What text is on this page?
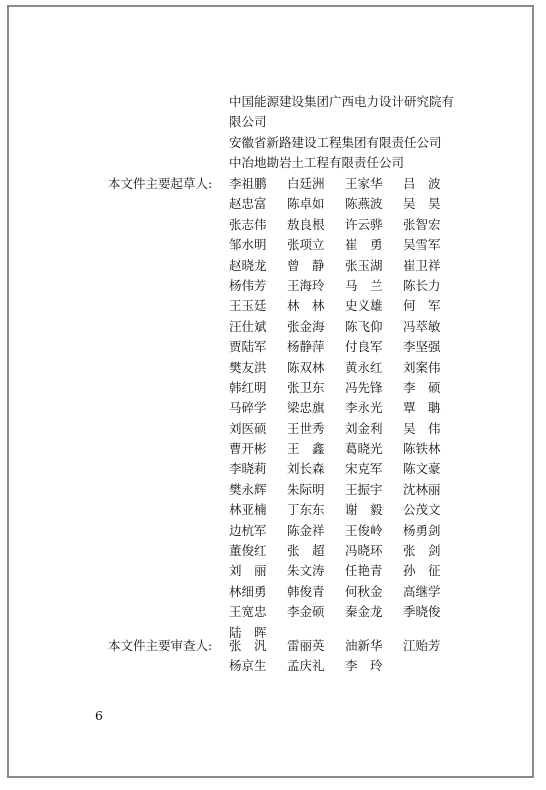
中国能源建设集团广西电力设计研究院有
限公司
安徽省新路建设工程集团有限责任公司
中冶地勘岩土工程有限责任公司
本文件主要起草人:	李祖鹏	白廷洲	王家华	吕　波
赵忠富	陈卓如	陈燕波	吴　昊
张志伟	敖良根	许云骅	张智宏
邹水明	张项立	崔　勇	吴雪军
赵晓龙	曾　静	张玉湖	崔卫祥
杨伟芳	王海玲	马　兰	陈长力
王玉廷	林　林	史义雄	何　军
汪仕斌	张金海	陈飞仰	冯萃敏
贾陆军	杨静萍	付良军	李坚强
樊友洪	陈双林	黄永红	刘案伟
韩红明	张卫东	冯先锋	李　硕
马碎学	梁忠旗	李永光	覃　聃
刘医硕	王世秀	刘金利	吴　伟
曹开彬	王　鑫	葛晓光	陈铁林
李晓莉	刘长森	宋克军	陈文豪
樊永辉	朱际明	王振宇	沈林丽
林亚楠	丁东东	谢　毅	公茂文
边杭军	陈金祥	王俊岭	杨勇剑
董俊红	张　超	冯晓环	张　剑
刘　丽	朱文涛	任艳青	孙　征
林细勇	韩俊青	何秋金	高继学
王宽忠	李金硕	秦金龙	季晓俊
陆　晖
本文件主要审查人:	张　汎	雷丽英	油新华	江贻芳
杨京生	孟庆礼	李　玲
6
